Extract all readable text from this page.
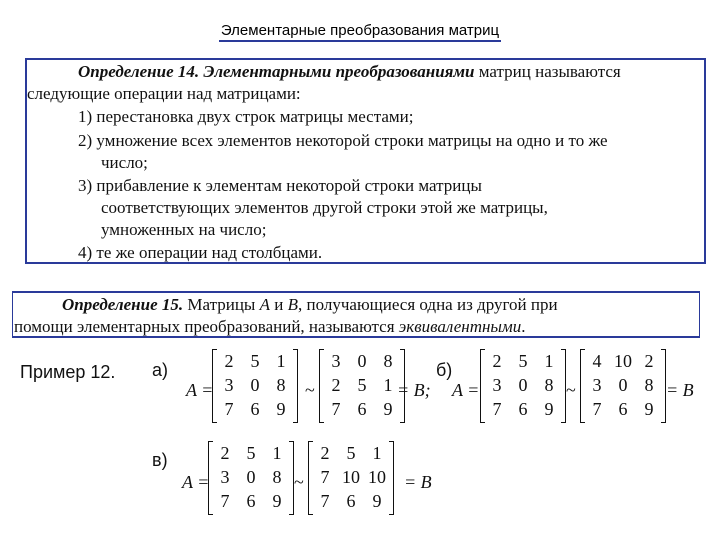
Элементарные преобразования матриц
Определение 14. Элементарными преобразованиями матриц называются
следующие операции над матрицами:
1) перестановка двух строк матрицы местами;
2) умножение всех элементов некоторой строки матрицы на одно и то же
число;
3) прибавление к элементам некоторой строки матрицы
соответствующих элементов другой строки этой же матрицы,
умноженных на число;
4) те же операции над столбцами.
Определение 15. Матрицы A и B, получающиеся одна из другой при
помощи элементарных преобразований, называются эквивалентными.
Пример 12. а)	б)
в)
A =
2	5	1
3	0	8
7	6	9
~
3	0	8
2	5	1
7	6	9
= B; A =
2	5	1
3	0	8
7	6	9
~
4	10	2
3	0	8
7	6	9
= B
A =
2	5	1
3	0	8
7	6	9
~
2	5	1
7	10	10
7	6	9
= B
